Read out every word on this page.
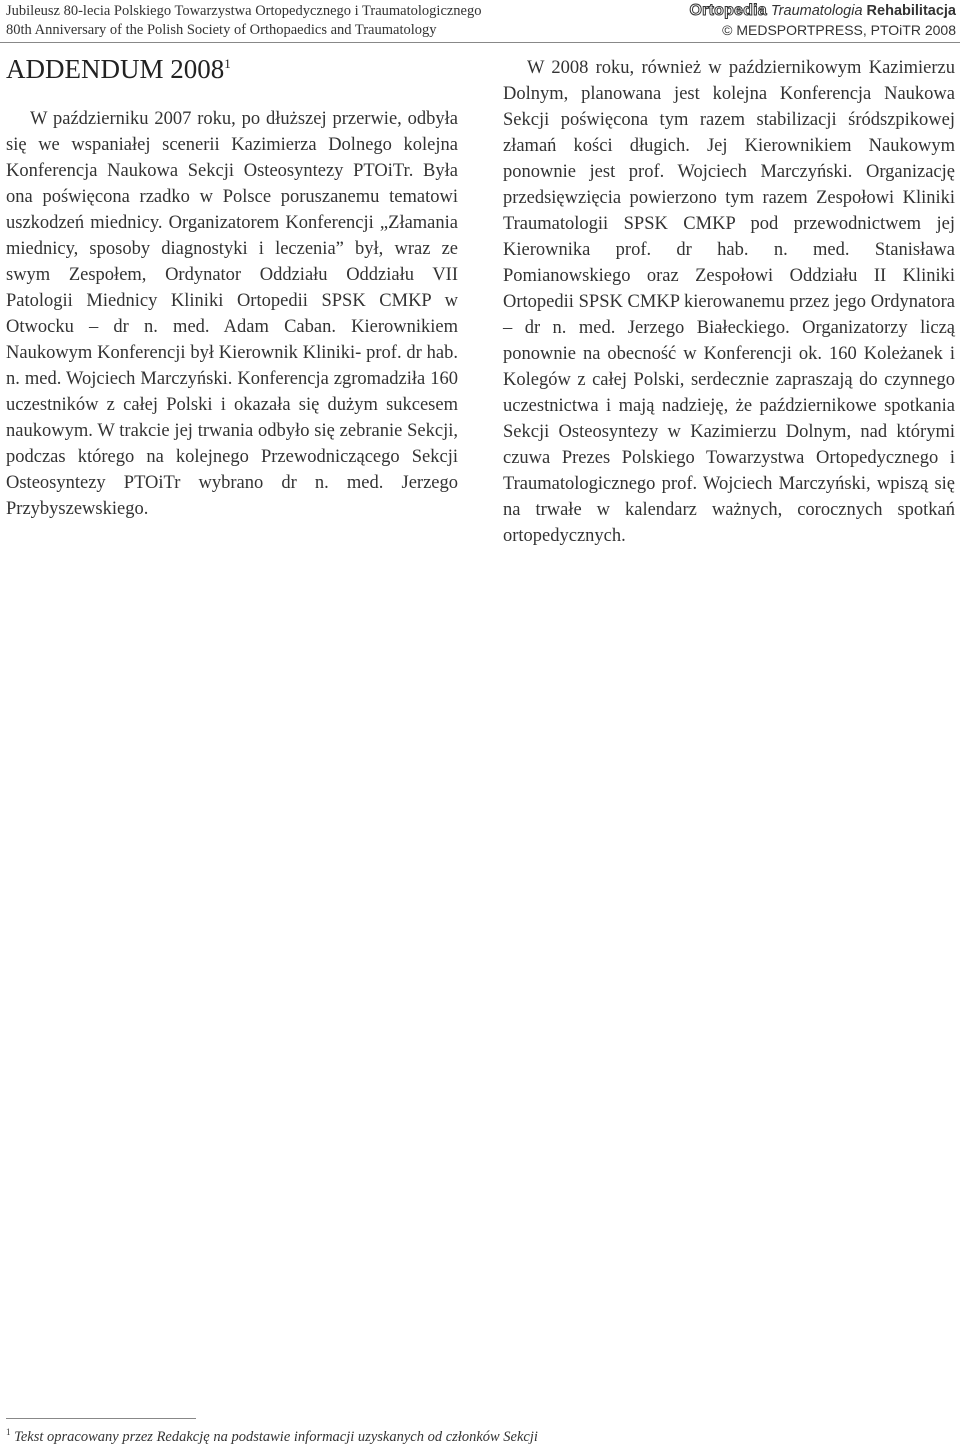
Jubileusz 80-lecia Polskiego Towarzystwa Ortopedycznego i Traumatologicznego
80th Anniversary of the Polish Society of Orthopaedics and Traumatology
Ortopedia Traumatologia Rehabilitacja
© MEDSPORTPRESS, PTOiTR 2008
ADDENDUM 2008$^1$

W październiku 2007 roku, po dłuższej przerwie, odbyła się we wspaniałej scenerii Kazimierza Dolnego kolejna Konferencja Naukowa Sekcji Osteosyntezy PTOiTr. Była ona poświęcona rzadko w Polsce poruszanemu tematowi uszkodzeń miednicy. Organizatorem Konferencji „Złamania miednicy, sposoby diagnostyki i leczenia” był, wraz ze swym Zespołem, Ordynator Oddziału Oddziału VII Patologii Miednicy Kliniki Ortopedii SPSK CMKP w Otwocku – dr n. med. Adam Caban. Kierownikiem Naukowym Konferencji był Kierownik Kliniki- prof. dr hab. n. med. Wojciech Marczyński. Konferencja zgromadziła 160 uczestników z całej Polski i okazała się dużym sukcesem naukowym. W trakcie jej trwania odbyło się zebranie Sekcji, podczas którego na kolejnego Przewodniczącego Sekcji Osteosyntezy PTOiTr wybrano dr n. med. Jerzego Przybyszewskiego.

W 2008 roku, również w październikowym Kazimierzu Dolnym, planowana jest kolejna Konferencja Naukowa Sekcji poświęcona tym razem stabilizacji śródszpikowej złamań kości długich. Jej Kierownikiem Naukowym ponownie jest prof. Wojciech Marczyński. Organizację przedsięwzięcia powierzono tym razem Zespołowi Kliniki Traumatologii SPSK CMKP pod przewodnictwem jej Kierownika prof. dr hab. n. med. Stanisława Pomianowskiego oraz Zespołowi Oddziału II Kliniki Ortopedii SPSK CMKP kierowanemu przez jego Ordynatora – dr n. med. Jerzego Białeckiego. Organizatorzy liczą ponownie na obecność w Konferencji ok. 160 Koleżanek i Kolegów z całej Polski, serdecznie zapraszają do czynnego uczestnictwa i mają nadzieję, że październikowe spotkania Sekcji Osteosyntezy w Kazimierzu Dolnym, nad którymi czuwa Prezes Polskiego Towarzystwa Ortopedycznego i Traumatologicznego prof. Wojciech Marczyński, wpiszą się na trwałe w kalendarz ważnych, corocznych spotkań ortopedycznych.

$^1$ Tekst opracowany przez Redakcję na podstawie informacji uzyskanych od członków Sekcji
